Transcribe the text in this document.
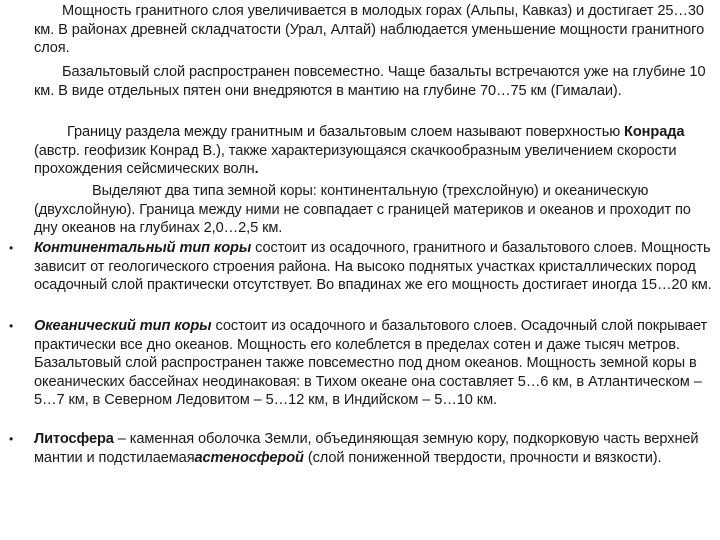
Мощность гранитного слоя увеличивается в молодых горах (Альпы, Кавказ) и достигает 25…30 км. В районах древней складчатости (Урал, Алтай) наблюдается уменьшение мощности гранитного слоя.

Базальтовый слой распространен повсеместно. Чаще базальты встречаются уже на глубине 10 км. В виде отдельных пятен они внедряются в мантию на глубине 70…75 км (Гималаи).

Границу раздела между гранитным и базальтовым слоем называют поверхностью Конрада (австр. геофизик Конрад В.), также характеризующаяся скачкообразным увеличением скорости прохождения сейсмических волн.

Выделяют два типа земной коры: континентальную (трехслойную) и океаническую (двухслойную). Граница между ними не совпадает с границей материков и океанов и проходит по дну океанов на глубинах 2,0…2,5 км.

• Континентальный тип коры состоит из осадочного, гранитного и базальтового слоев. Мощность зависит от геологического строения района. На высоко поднятых участках кристаллических пород осадочный слой практически отсутствует. Во впадинах же его мощность достигает иногда 15…20 км.

• Океанический тип коры состоит из осадочного и базальтового слоев. Осадочный слой покрывает практически все дно океанов. Мощность его колеблется в пределах сотен и даже тысяч метров. Базальтовый слой распространен также повсеместно под дном океанов. Мощность земной коры в океанических бассейнах неодинаковая: в Тихом океане она составляет 5…6 км, в Атлантическом – 5…7 км, в Северном Ледовитом – 5…12 км, в Индийском – 5…10 км.

• Литосфера – каменная оболочка Земли, объединяющая земную кору, подкорковую часть верхней мантии и подстилаемаяастеносферой (слой пониженной твердости, прочности и вязкости).
